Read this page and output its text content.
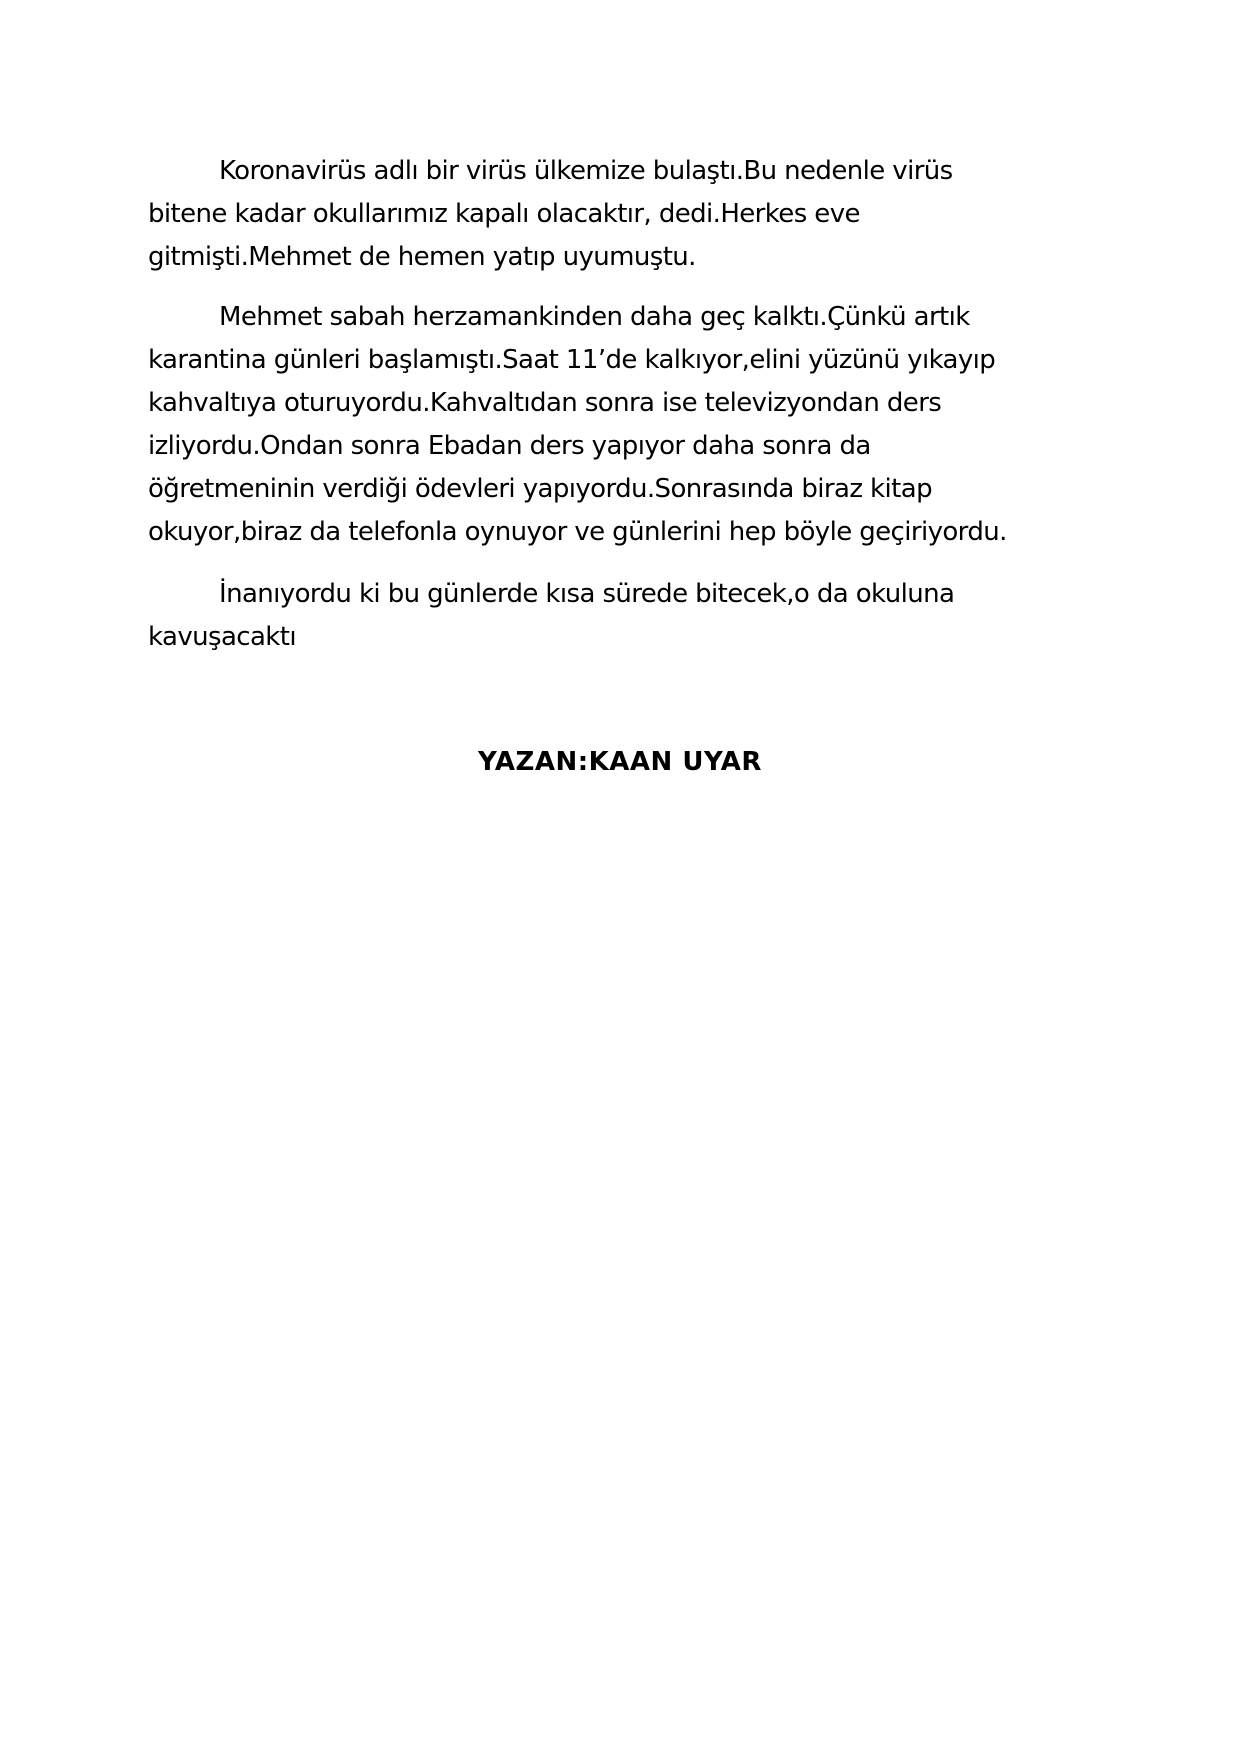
Koronavirüs adlı bir virüs ülkemize bulaştı.Bu nedenle virüs
bitene kadar okullarımız kapalı olacaktır, dedi.Herkes eve
gitmişti.Mehmet de hemen yatıp uyumuştu.
Mehmet sabah herzamankinden daha geç kalktı.Çünkü artık
karantina günleri başlamıştı.Saat 11’de kalkıyor,elini yüzünü yıkayıp
kahvaltıya oturuyordu.Kahvaltıdan sonra ise televizyondan ders
izliyordu.Ondan sonra Ebadan ders yapıyor daha sonra da
öğretmeninin verdiği ödevleri yapıyordu.Sonrasında biraz kitap
okuyor,biraz da telefonla oynuyor ve günlerini hep böyle geçiriyordu.
İnanıyordu ki bu günlerde kısa sürede bitecek,o da okuluna
kavuşacaktı
YAZAN:KAAN UYAR
